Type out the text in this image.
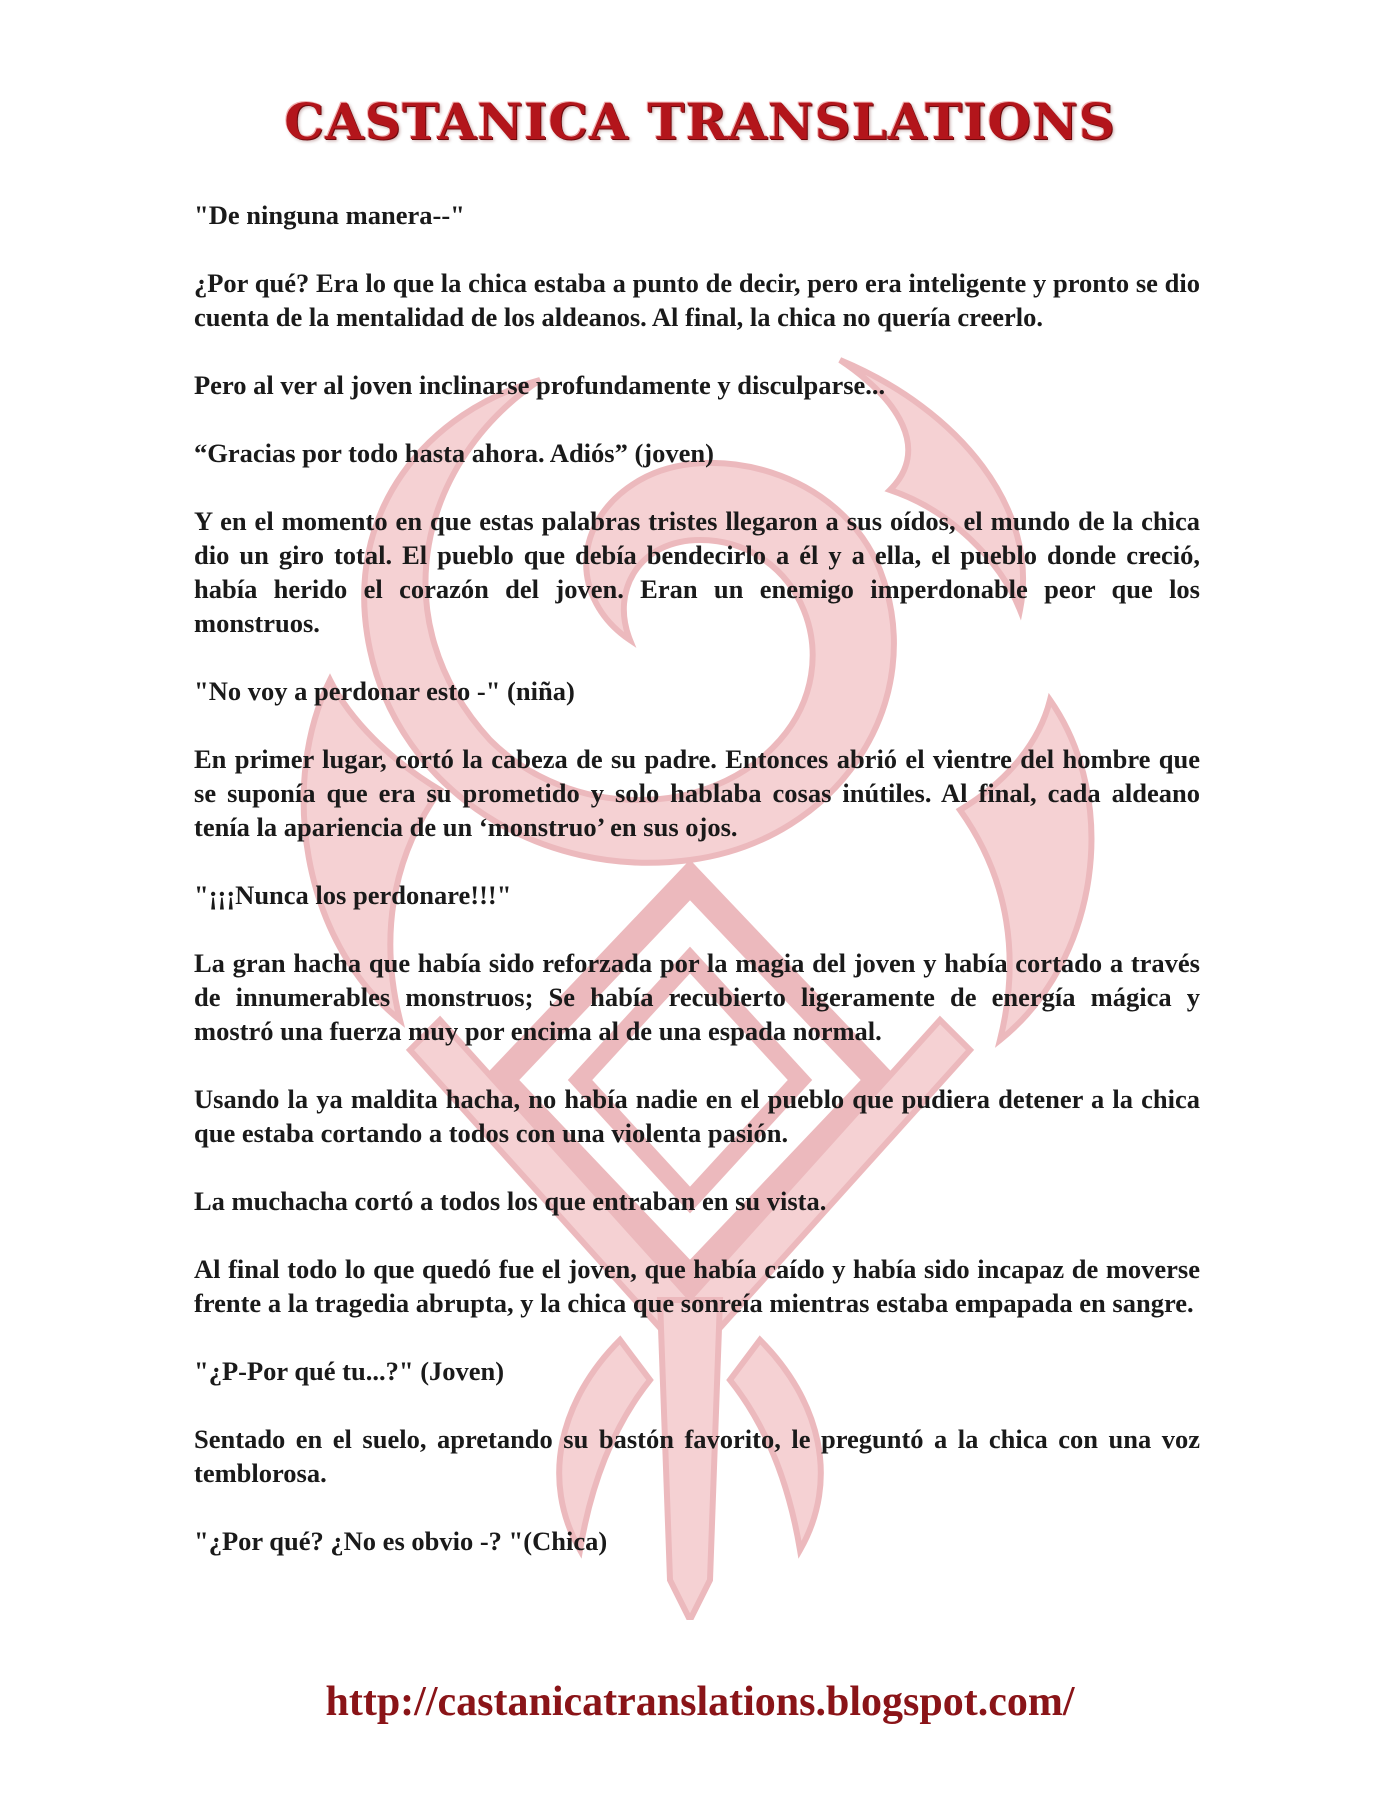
CASTANICA TRANSLATIONS

"De ninguna manera--"

¿Por qué? Era lo que la chica estaba a punto de decir, pero era inteligente y pronto se dio cuenta de la mentalidad de los aldeanos. Al final, la chica no quería creerlo.

Pero al ver al joven inclinarse profundamente y disculparse...

“Gracias por todo hasta ahora. Adiós” (joven)

Y en el momento en que estas palabras tristes llegaron a sus oídos, el mundo de la chica dio un giro total. El pueblo que debía bendecirlo a él y a ella, el pueblo donde creció, había herido el corazón del joven. Eran un enemigo imperdonable peor que los monstruos.

"No voy a perdonar esto -" (niña)

En primer lugar, cortó la cabeza de su padre. Entonces abrió el vientre del hombre que se suponía que era su prometido y solo hablaba cosas inútiles. Al final, cada aldeano tenía la apariencia de un ‘monstruo’ en sus ojos.

"¡¡¡Nunca los perdonare!!!"

La gran hacha que había sido reforzada por la magia del joven y había cortado a través de innumerables monstruos; Se había recubierto ligeramente de energía mágica y mostró una fuerza muy por encima al de una espada normal.

Usando la ya maldita hacha, no había nadie en el pueblo que pudiera detener a la chica que estaba cortando a todos con una violenta pasión.

La muchacha cortó a todos los que entraban en su vista.

Al final todo lo que quedó fue el joven, que había caído y había sido incapaz de moverse frente a la tragedia abrupta, y la chica que sonreía mientras estaba empapada en sangre.

"¿P-Por qué tu...?" (Joven)

Sentado en el suelo, apretando su bastón favorito, le preguntó a la chica con una voz temblorosa.

"¿Por qué? ¿No es obvio -? "(Chica)

http://castanicatranslations.blogspot.com/
